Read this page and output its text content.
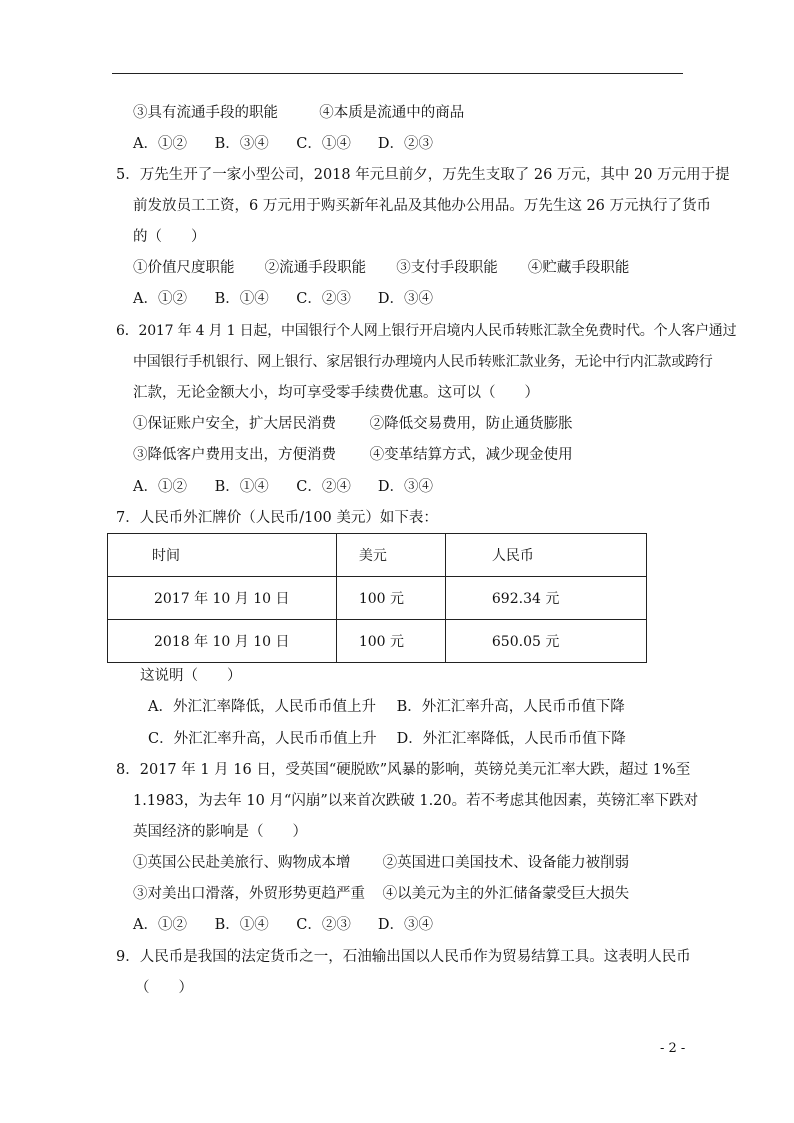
③具有流通手段的职能	④本质是流通中的商品
A．①② B．③④ C．①④ D．②③
5．万先生开了一家小型公司，2018 年元旦前夕，万先生支取了 26 万元，其中 20 万元用于提
前发放员工工资，6 万元用于购买新年礼品及其他办公用品。万先生这 26 万元执行了货币
的（　　）
①价值尺度职能 ②流通手段职能 ③支付手段职能 ④贮藏手段职能
A．①② B．①④ C．②③ D．③④
6．2017 年 4 月 1 日起，中国银行个人网上银行开启境内人民币转账汇款全免费时代。个人客户通过
中国银行手机银行、网上银行、家居银行办理境内人民币转账汇款业务，无论中行内汇款或跨行
汇款，无论金额大小，均可享受零手续费优惠。这可以（　　）
①保证账户安全，扩大居民消费 ②降低交易费用，防止通货膨胀
③降低客户费用支出，方便消费 ④变革结算方式，减少现金使用
A．①② B．①④ C．②④ D．③④
7．人民币外汇牌价（人民币/100 美元）如下表：
时间	美元	人民币
2017 年 10 月 10 日	100 元	692.34 元
2018 年 10 月 10 日	100 元	650.05 元
这说明（　　）
A．外汇汇率降低，人民币币值上升 B．外汇汇率升高，人民币币值下降
C．外汇汇率升高，人民币币值上升 D．外汇汇率降低，人民币币值下降
8．2017 年 1 月 16 日，受英国“硬脱欧”风暴的影响，英镑兑美元汇率大跌，超过 1%至
1.1983，为去年 10 月“闪崩”以来首次跌破 1.20。若不考虑其他因素，英镑汇率下跌对
英国经济的影响是（　　）
①英国公民赴美旅行、购物成本增 ②英国进口美国技术、设备能力被削弱
③对美出口滑落，外贸形势更趋严重 ④以美元为主的外汇储备蒙受巨大损失
A．①② B．①④ C．②③ D．③④
9．人民币是我国的法定货币之一，石油输出国以人民币作为贸易结算工具。这表明人民币
（　　）
- 2 -
